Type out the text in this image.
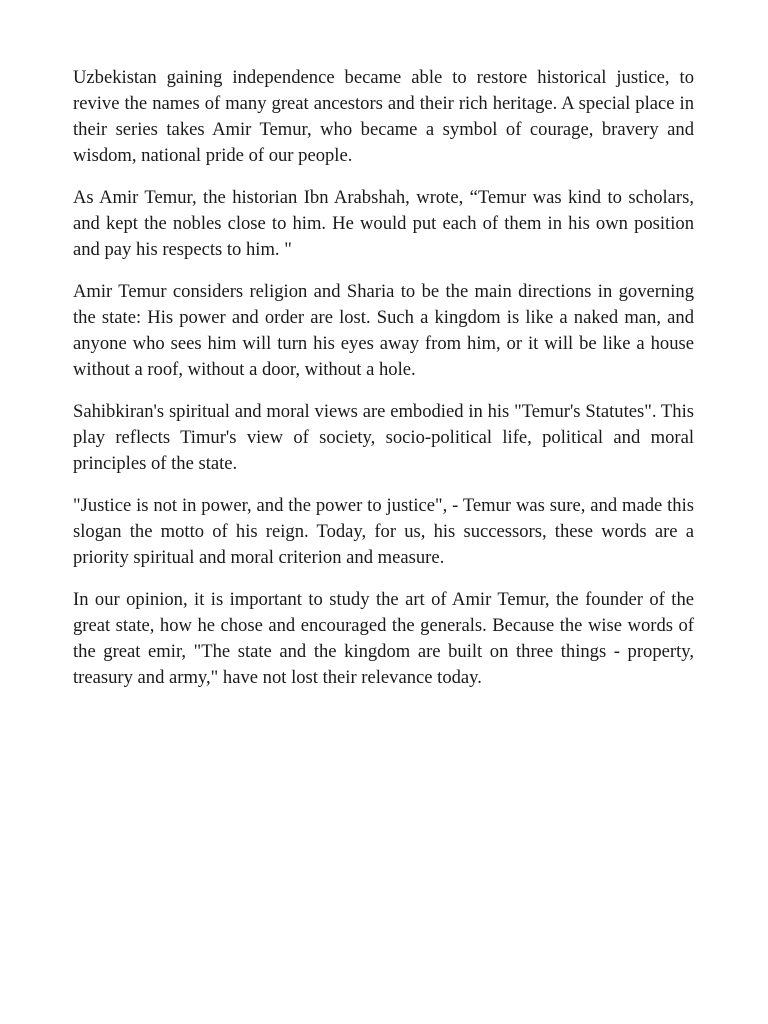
Uzbekistan gaining independence became able to restore historical justice, to revive the names of many great ancestors and their rich heritage. A special place in their series takes Amir Temur, who became a symbol of courage, bravery and wisdom, national pride of our people.

As Amir Temur, the historian Ibn Arabshah, wrote, “Temur was kind to scholars, and kept the nobles close to him. He would put each of them in his own position and pay his respects to him. "

Amir Temur considers religion and Sharia to be the main directions in governing the state: His power and order are lost. Such a kingdom is like a naked man, and anyone who sees him will turn his eyes away from him, or it will be like a house without a roof, without a door, without a hole.

Sahibkiran's spiritual and moral views are embodied in his "Temur's Statutes". This play reflects Timur's view of society, socio-political life, political and moral principles of the state.

"Justice is not in power, and the power to justice", - Temur was sure, and made this slogan the motto of his reign. Today, for us, his successors, these words are a priority spiritual and moral criterion and measure.

In our opinion, it is important to study the art of Amir Temur, the founder of the great state, how he chose and encouraged the generals. Because the wise words of the great emir, "The state and the kingdom are built on three things - property, treasury and army," have not lost their relevance today.
